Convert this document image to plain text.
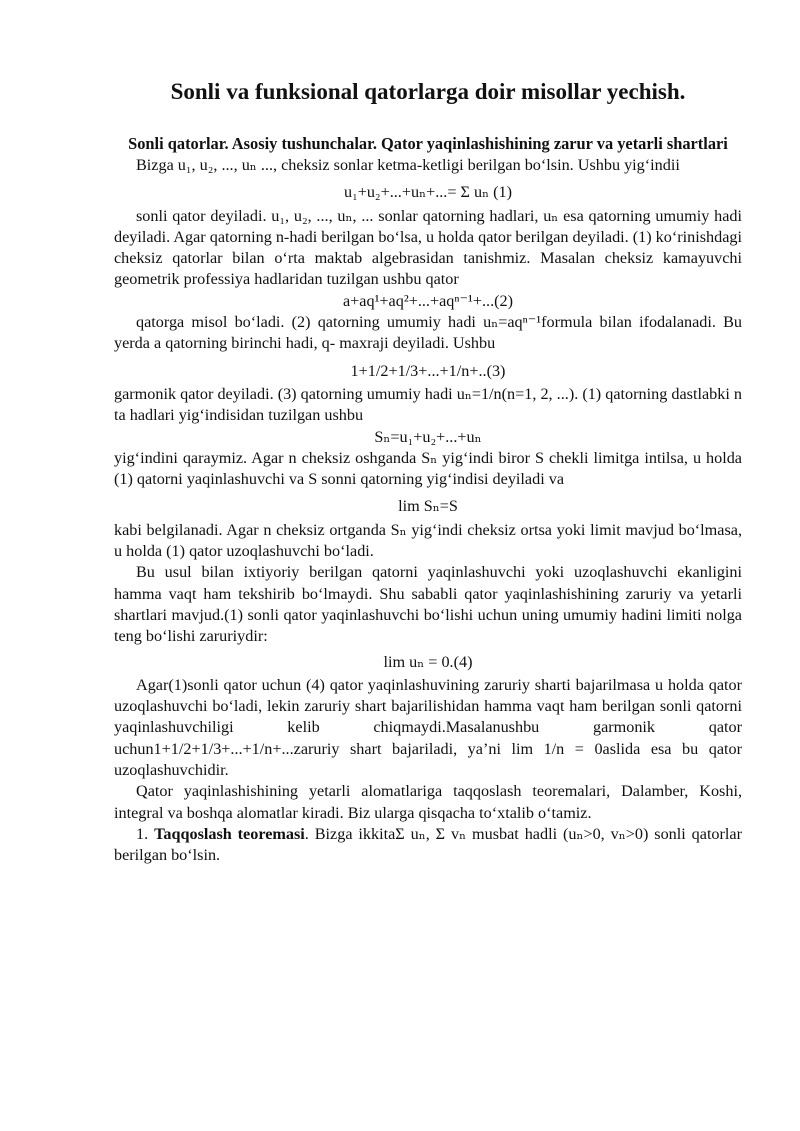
Sonli va funksional qatorlarga doir misollar yechish.
Sonli qatorlar. Asosiy tushunchalar. Qator yaqinlashishining zarur va yetarli shartlari

Bizga u₁, u₂, ..., uₙ ..., cheksiz sonlar ketma-ketligi berilgan bo‘lsin. Ushbu yig‘indii

u₁+u₂+...+uₙ+...= Σ uₙ (1)

sonli qator deyiladi. u₁, u₂, ..., uₙ, ... sonlar qatorning hadlari, uₙ esa qatorning umumiy hadi deyiladi. Agar qatorning n-hadi berilgan bo‘lsa, u holda qator berilgan deyiladi. (1) ko‘rinishdagi cheksiz qatorlar bilan o‘rta maktab algebrasidan tanishmiz. Masalan cheksiz kamayuvchi geometrik professiya hadlaridan tuzilgan ushbu qator

a+aq¹+aq²+...+aqⁿ⁻¹+...(2)

qatorga misol bo‘ladi. (2) qatorning umumiy hadi uₙ=aqⁿ⁻¹formula bilan ifodalanadi. Bu yerda a qatorning birinchi hadi, q- maxraji deyiladi. Ushbu

1+1/2+1/3+...+1/n+..(3)

garmonik qator deyiladi. (3) qatorning umumiy hadi uₙ=1/n(n=1, 2, ...). (1) qatorning dastlabki n ta hadlari yig‘indisidan tuzilgan ushbu

Sₙ=u₁+u₂+...+uₙ

yig‘indini qaraymiz. Agar n cheksiz oshganda Sₙ yig‘indi biror S chekli limitga intilsa, u holda (1) qatorni yaqinlashuvchi va S sonni qatorning yig‘indisi deyiladi va

lim Sₙ=S

kabi belgilanadi. Agar n cheksiz ortganda Sₙ yig‘indi cheksiz ortsa yoki limit mavjud bo‘lmasa, u holda (1) qator uzoqlashuvchi bo‘ladi.

Bu usul bilan ixtiyoriy berilgan qatorni yaqinlashuvchi yoki uzoqlashuvchi ekanligini hamma vaqt ham tekshirib bo‘lmaydi. Shu sababli qator yaqinlashishining zaruriy va yetarli shartlari mavjud.(1) sonli qator yaqinlashuvchi bo‘lishi uchun uning umumiy hadini limiti nolga teng bo‘lishi zaruriydir:

lim uₙ = 0.(4)

Agar(1)sonli qator uchun (4) qator yaqinlashuvining zaruriy sharti bajarilmasa u holda qator uzoqlashuvchi bo‘ladi, lekin zaruriy shart bajarilishidan hamma vaqt ham berilgan sonli qatorni yaqinlashuvchiligi kelib chiqmaydi.Masalanushbu garmonik qator uchun1+1/2+1/3+...+1/n+...zaruriy shart bajariladi, ya’ni lim 1/n = 0aslida esa bu qator uzoqlashuvchidir.

Qator yaqinlashishining yetarli alomatlariga taqqoslash teoremalari, Dalamber, Koshi, integral va boshqa alomatlar kiradi. Biz ularga qisqacha to‘xtalib o‘tamiz.

1. Taqqoslash teoremasi. Bizga ikkitaΣ uₙ, Σ vₙ musbat hadli (uₙ>0, vₙ>0) sonli qatorlar berilgan bo‘lsin.
